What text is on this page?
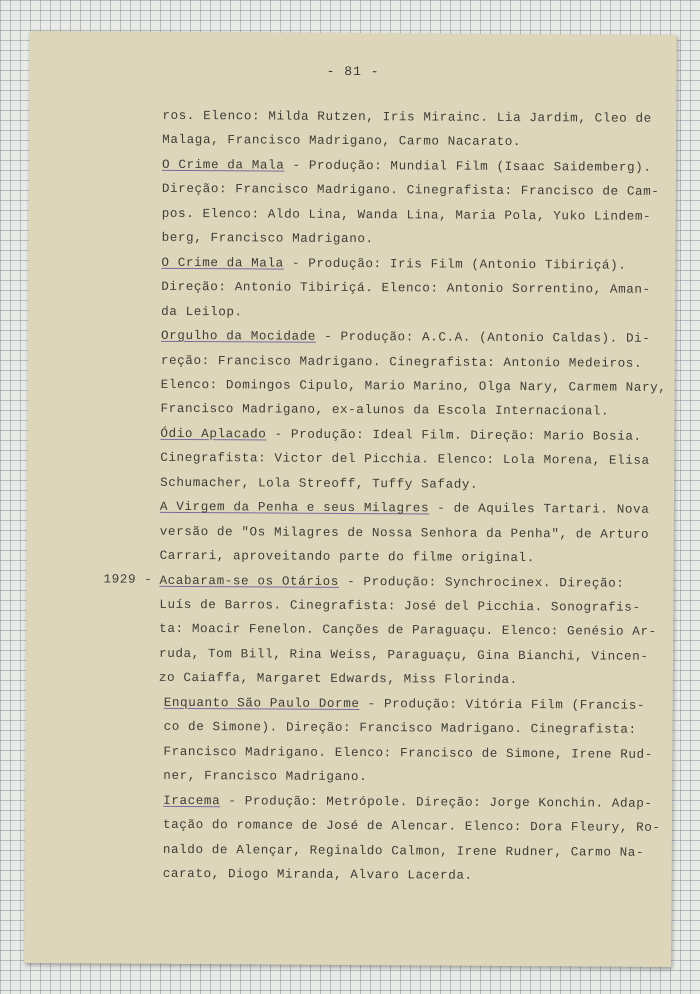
- 81 -
ros. Elenco: Milda Rutzen, Iris Mirainc. Lia Jardim, Cleo de
Malaga, Francisco Madrigano, Carmo Nacarato.
O Crime da Mala - Produção: Mundial Film (Isaac Saidemberg).
Direção: Francisco Madrigano. Cinegrafista: Francisco de Cam-
pos. Elenco: Aldo Lina, Wanda Lina, Maria Pola, Yuko Lindem-
berg, Francisco Madrigano.
O Crime da Mala - Produção: Iris Film (Antonio Tibiriçá).
Direção: Antonio Tibiriçá. Elenco: Antonio Sorrentino, Aman-
da Leilop.
Orgulho da Mocidade - Produção: A.C.A. (Antonio Caldas). Di-
reção: Francisco Madrigano. Cinegrafista: Antonio Medeiros.
Elenco: Domingos Cipulo, Mario Marino, Olga Nary, Carmem Nary,
Francisco Madrigano, ex-alunos da Escola Internacional.
Ódio Aplacado - Produção: Ideal Film. Direção: Mario Bosia.
Cinegrafista: Victor del Picchia. Elenco: Lola Morena, Elisa
Schumacher, Lola Streoff, Tuffy Safady.
A Virgem da Penha e seus Milagres - de Aquiles Tartari. Nova
versão de "Os Milagres de Nossa Senhora da Penha", de Arturo
Carrari, aproveitando parte do filme original.
1929 - Acabaram-se os Otários - Produção: Synchrocinex. Direção:
Luís de Barros. Cinegrafista: José del Picchia. Sonografis-
ta: Moacir Fenelon. Canções de Paraguaçu. Elenco: Genésio Ar-
ruda, Tom Bill, Rina Weiss, Paraguaçu, Gina Bianchi, Vincen-
zo Caiaffa, Margaret Edwards, Miss Florinda.
Enquanto São Paulo Dorme - Produção: Vitória Film (Francis-
co de Simone). Direção: Francisco Madrigano. Cinegrafista:
Francisco Madrigano. Elenco: Francisco de Simone, Irene Rud-
ner, Francisco Madrigano.
Iracema - Produção: Metrópole. Direção: Jorge Konchin. Adap-
tação do romance de José de Alencar. Elenco: Dora Fleury, Ro-
naldo de Alençar, Reginaldo Calmon, Irene Rudner, Carmo Na-
carato, Diogo Miranda, Alvaro Lacerda.
